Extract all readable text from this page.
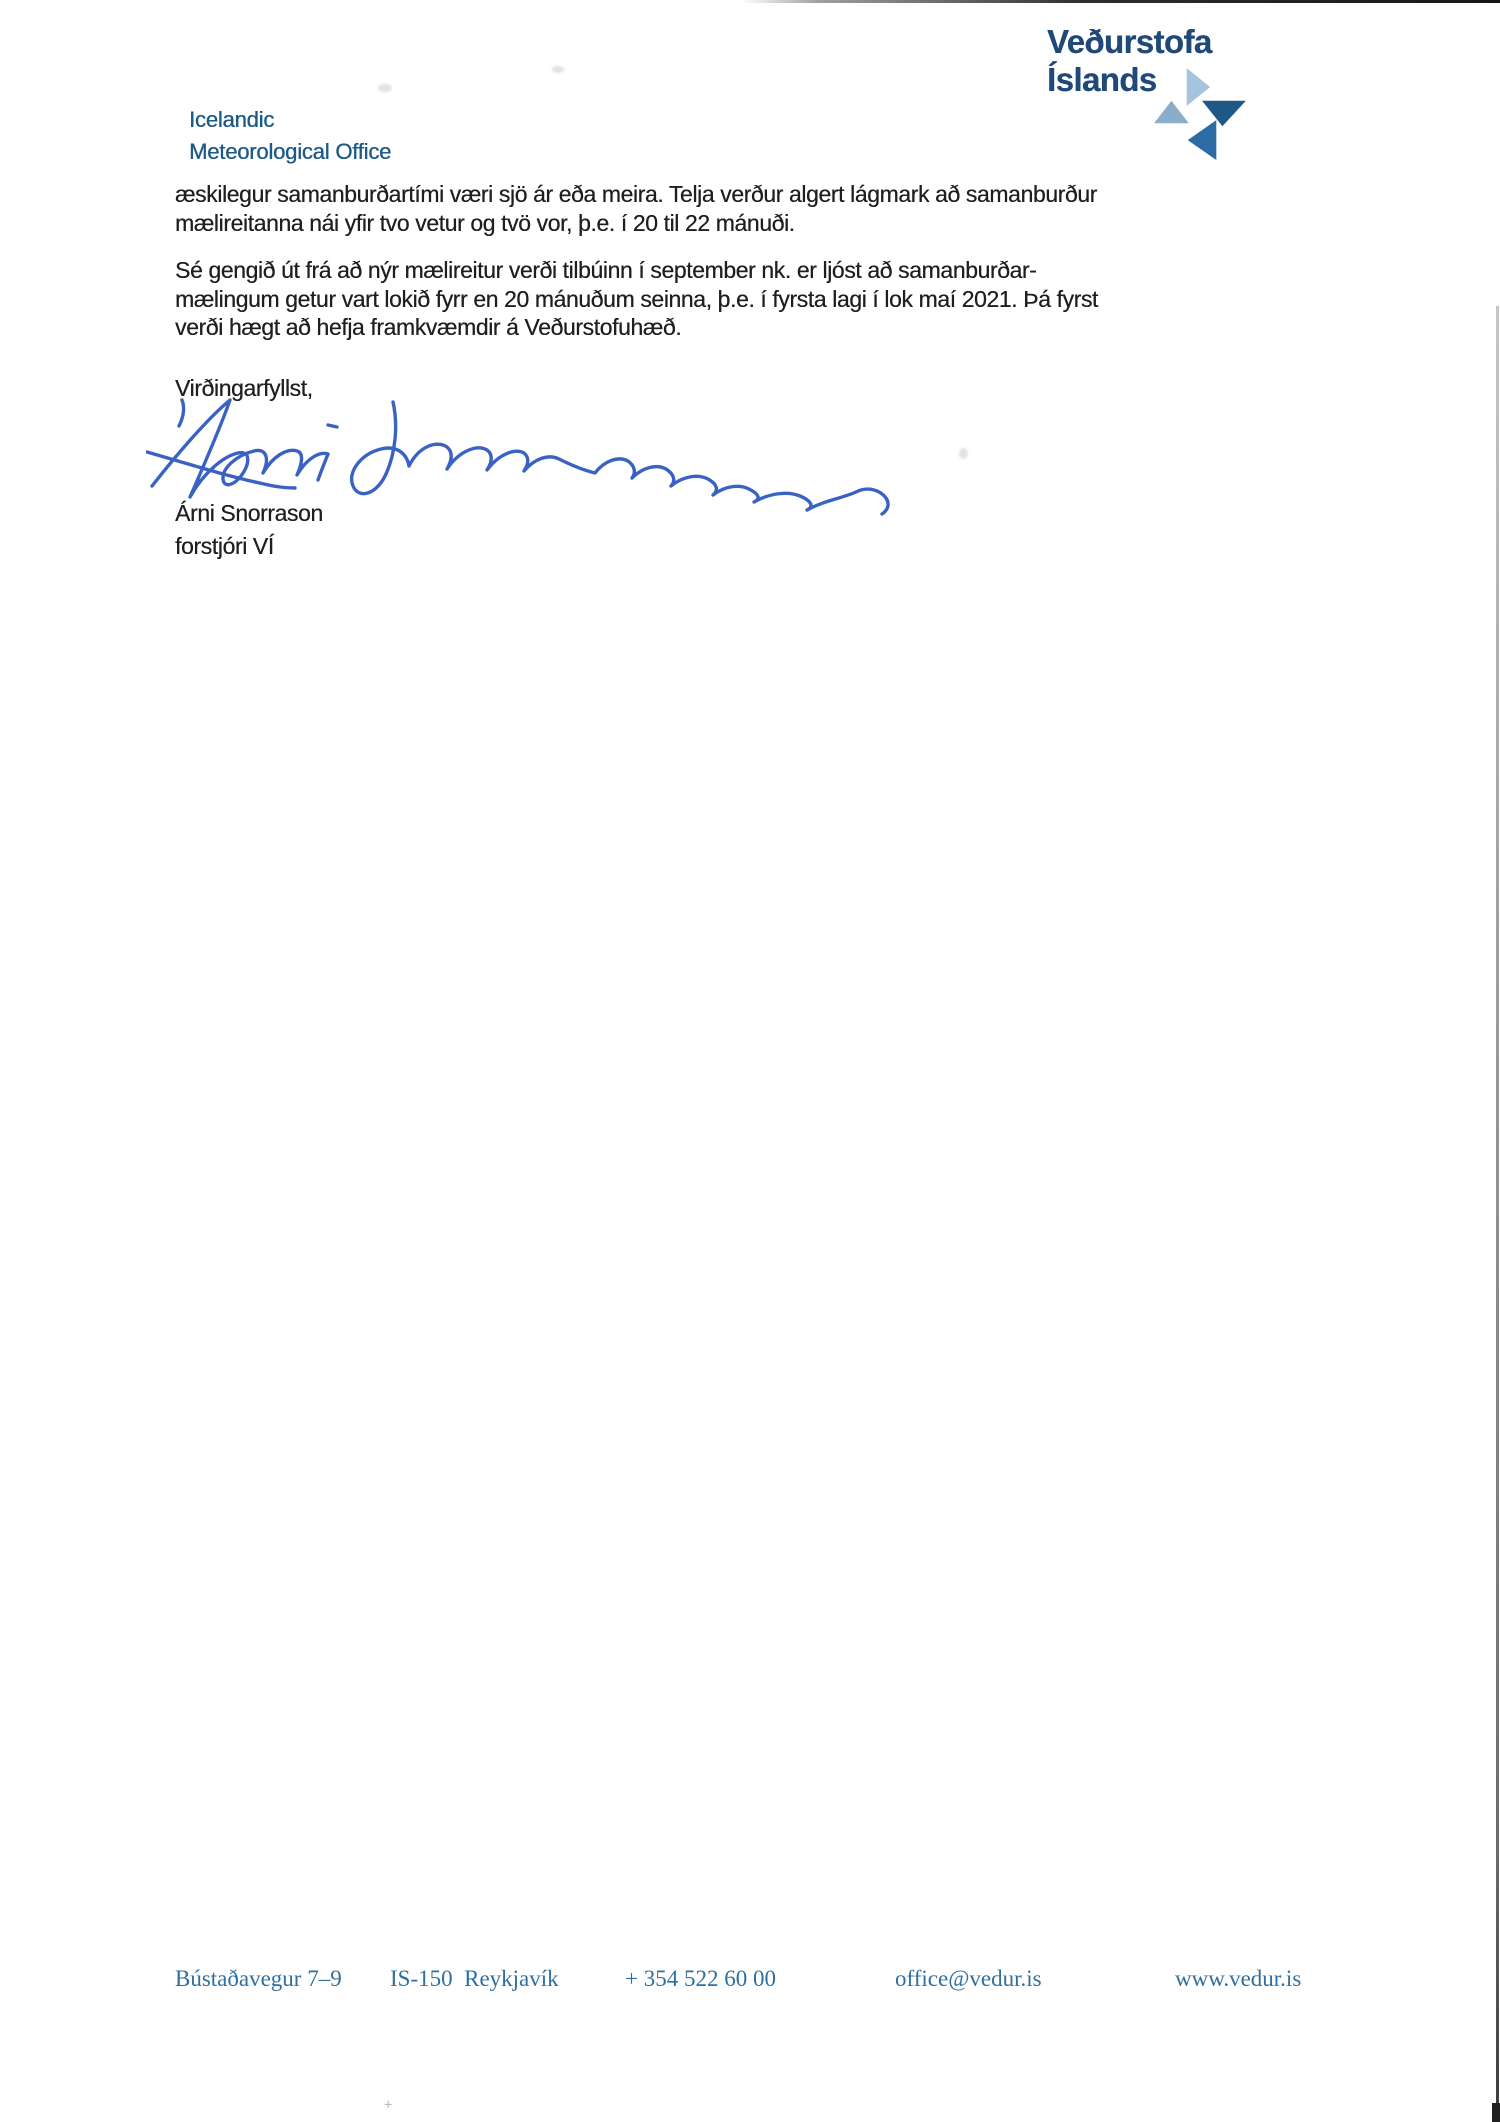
+
Icelandic
Meteorological Office
Veðurstofa
Íslands
æskilegur samanburðartími væri sjö ár eða meira. Telja verður algert lágmark að samanburður
mælireitanna nái yfir tvo vetur og tvö vor, þ.e. í 20 til 22 mánuði.
Sé gengið út frá að nýr mælireitur verði tilbúinn í september nk. er ljóst að samanburðar-
mælingum getur vart lokið fyrr en 20 mánuðum seinna, þ.e. í fyrsta lagi í lok maí 2021. Þá fyrst
verði hægt að hefja framkvæmdir á Veðurstofuhæð.
Virðingarfyllst,
Árni Snorrason
forstjóri VÍ
Bústaðavegur 7–9 IS-150  Reykjavík	+ 354 522 60 00	office@vedur.is	www.vedur.is
